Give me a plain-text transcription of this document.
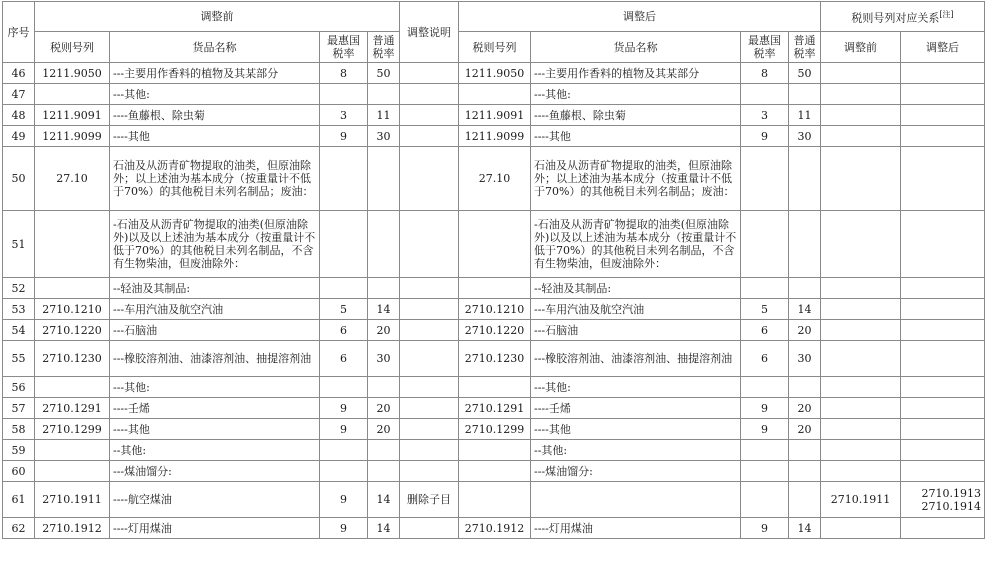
序号	调整前				调整说明	调整后				税则号列对应关系[注]
	税则号列	货品名称	最惠国税率	普通税率		税则号列	货品名称	最惠国税率	普通税率	调整前	调整后
46	1211.9050	---主要用作香料的植物及其某部分	8	50		1211.9050	---主要用作香料的植物及其某部分	8	50		
47		---其他:					---其他:				
48	1211.9091	----鱼藤根、除虫菊	3	11		1211.9091	----鱼藤根、除虫菊	3	11		
49	1211.9099	----其他	9	30		1211.9099	----其他	9	30		
50	27.10	石油及从沥青矿物提取的油类，但原油除外；以上述油为基本成分（按重量计不低于70%）的其他税目未列名制品；废油：				27.10	石油及从沥青矿物提取的油类，但原油除外；以上述油为基本成分（按重量计不低于70%）的其他税目未列名制品；废油：				
51		-石油及从沥青矿物提取的油类(但原油除外)以及以上述油为基本成分（按重量计不低于70%）的其他税目未列名制品，不含有生物柴油，但废油除外：					-石油及从沥青矿物提取的油类(但原油除外)以及以上述油为基本成分（按重量计不低于70%）的其他税目未列名制品，不含有生物柴油，但废油除外：				
52		--轻油及其制品:					--轻油及其制品:				
53	2710.1210	---车用汽油及航空汽油	5	14		2710.1210	---车用汽油及航空汽油	5	14		
54	2710.1220	---石脑油	6	20		2710.1220	---石脑油	6	20		
55	2710.1230	---橡胶溶剂油、油漆溶剂油、抽提溶剂油	6	30		2710.1230	---橡胶溶剂油、油漆溶剂油、抽提溶剂油	6	30		
56		---其他:					---其他:				
57	2710.1291	----壬烯	9	20		2710.1291	----壬烯	9	20		
58	2710.1299	----其他	9	20		2710.1299	----其他	9	20		
59		--其他:					--其他:				
60		---煤油馏分:					---煤油馏分:				
61	2710.1911	----航空煤油	9	14	删除子目					2710.1911	2710.1913
2710.1914
62	2710.1912	----灯用煤油	9	14		2710.1912	----灯用煤油	9	14		
